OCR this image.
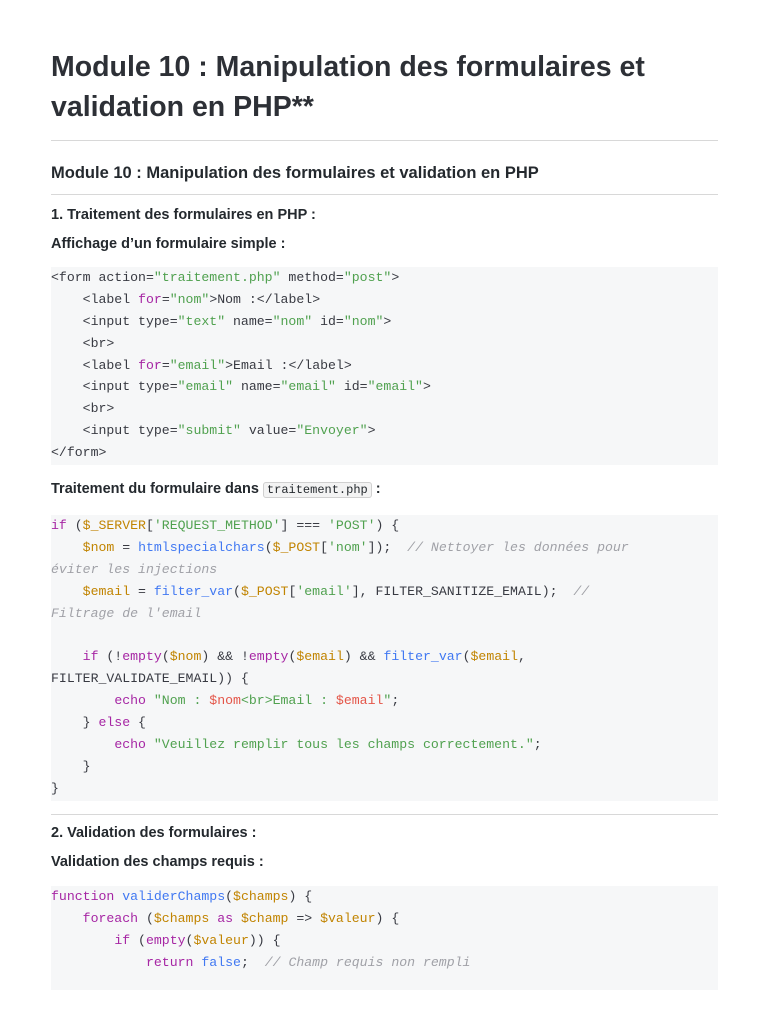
Module 10 : Manipulation des formulaires et validation en PHP**
Module 10 : Manipulation des formulaires et validation en PHP
1. Traitement des formulaires en PHP :
Affichage d’un formulaire simple :
<form action="traitement.php" method="post">
<label for="nom">Nom :</label>
<input type="text" name="nom" id="nom">
<br>
<label for="email">Email :</label>
<input type="email" name="email" id="email">
<br>
<input type="submit" value="Envoyer">
</form>
Traitement du formulaire dans traitement.php :
if ($_SERVER['REQUEST_METHOD'] === 'POST') {
$nom = htmlspecialchars($_POST['nom']);  // Nettoyer les données pour
éviter les injections
$email = filter_var($_POST['email'], FILTER_SANITIZE_EMAIL);  //
Filtrage de l'email

if (!empty($nom) && !empty($email) && filter_var($email,
FILTER_VALIDATE_EMAIL)) {
echo "Nom : $nom<br>Email : $email";
} else {
echo "Veuillez remplir tous les champs correctement.";
}
}
2. Validation des formulaires :
Validation des champs requis :
function validerChamps($champs) {
foreach ($champs as $champ => $valeur) {
if (empty($valeur)) {
return false;  // Champ requis non rempli
